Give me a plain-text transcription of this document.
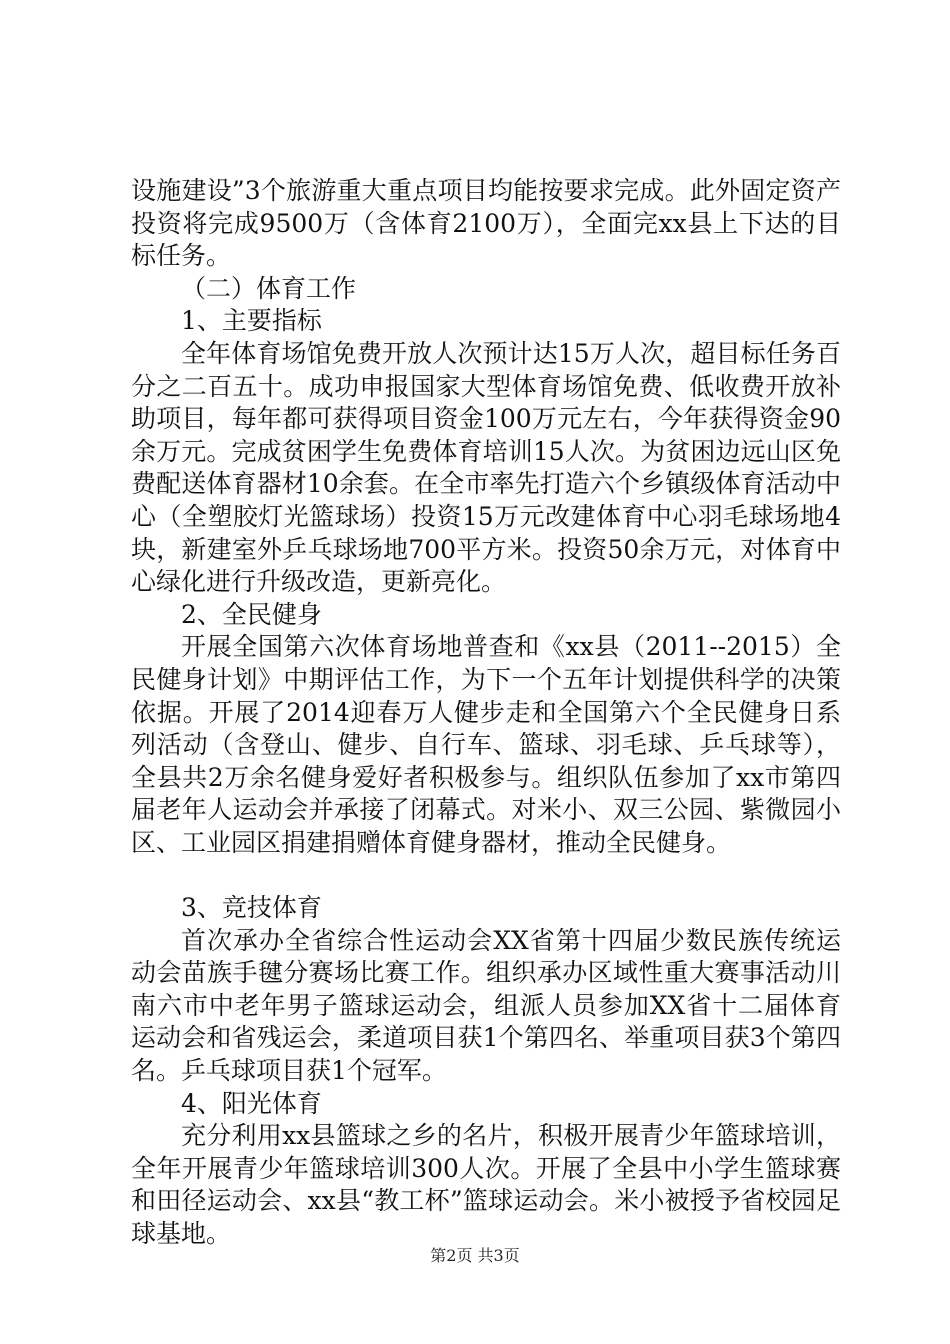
设施建设”3个旅游重大重点项目均能按要求完成。此外固定资产投资将完成9500万（含体育2100万），全面完xx县上下达的目标任务。

（二）体育工作

1、主要指标

全年体育场馆免费开放人次预计达15万人次，超目标任务百分之二百五十。成功申报国家大型体育场馆免费、低收费开放补助项目，每年都可获得项目资金100万元左右，今年获得资金90余万元。完成贫困学生免费体育培训15人次。为贫困边远山区免费配送体育器材10余套。在全市率先打造六个乡镇级体育活动中心（全塑胶灯光篮球场）投资15万元改建体育中心羽毛球场地4块，新建室外乒乓球场地700平方米。投资50余万元，对体育中心绿化进行升级改造，更新亮化。

2、全民健身

开展全国第六次体育场地普查和《xx县（2011--2015）全民健身计划》中期评估工作，为下一个五年计划提供科学的决策依据。开展了2014迎春万人健步走和全国第六个全民健身日系列活动（含登山、健步、自行车、篮球、羽毛球、乒乓球等），全县共2万余名健身爱好者积极参与。组织队伍参加了xx市第四届老年人运动会并承接了闭幕式。对米小、双三公园、紫微园小区、工业园区捐建捐赠体育健身器材，推动全民健身。

3、竞技体育

首次承办全省综合性运动会XX省第十四届少数民族传统运动会苗族手毽分赛场比赛工作。组织承办区域性重大赛事活动川南六市中老年男子篮球运动会，组派人员参加XX省十二届体育运动会和省残运会，柔道项目获1个第四名、举重项目获3个第四名。乒乓球项目获1个冠军。

4、阳光体育

充分利用xx县篮球之乡的名片，积极开展青少年篮球培训，全年开展青少年篮球培训300人次。开展了全县中小学生篮球赛和田径运动会、xx县“教工杯”篮球运动会。米小被授予省校园足球基地。

第2页 共3页
